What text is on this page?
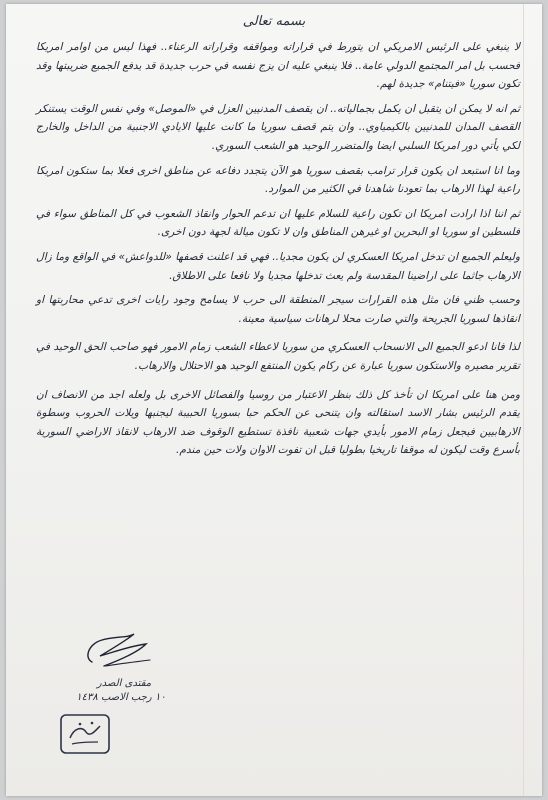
بسمه تعالى

لا ينبغي على الرئيس الامريكي ان يتورط في قراراته ومواقفه وقراراته الرعناء.. فهذا ليس من اوامر امريكا فحسب بل امر المجتمع الدولي عامة.. فلا ينبغي عليه ان يزج نفسه في حرب جديدة قد يدفع الجميع ضريبتها وقد تكون سوريا «فيتنام» جديدة لهم.

ثم انه لا يمكن ان يتقبل ان يكمل بجمالياته.. ان يقصف المدنيين العزل في «الموصل» وفي نفس الوقت يستنكر القصف المدان للمدنيين بالكيمياوي.. وان يتم قصف سوريا ما كانت عليها الايادي الاجنبية من الداخل والخارج لكي يأتي دور امريكا السلبي ايضا والمتضرر الوحيد هو الشعب السوري.

وما انا استبعد ان يكون قرار ترامب بقصف سوريا هو الآن يتجدد دفاعه عن مناطق اخرى فعلا بما ستكون امريكا راعية لهذا الارهاب بما تعودنا شاهدنا في الكثير من الموارد.

ثم اننا اذا ارادت امريكا ان تكون راعية للسلام عليها ان تدعم الحوار وانقاذ الشعوب في كل المناطق سواء في فلسطين او سوريا او البحرين او غيرهن المناطق وان لا تكون ميالة لجهة دون اخرى.

وليعلم الجميع ان تدخل امريكا العسكري لن يكون مجديا.. فهي قد اعلنت قصفها «للدواعش» في الواقع وما زال الارهاب جاثما على اراضينا المقدسة ولم يعث تدخلها مجديا ولا نافعا على الاطلاق.

وحسب ظني فان مثل هذه القرارات سيجر المنطقة الى حرب لا يسامح وجود رايات اخرى تدعي محاربتها او انقاذها لسوريا الجريحة والتي صارت محلا لرهانات سياسية معينة.

لذا فانا ادعو الجميع الى الانسحاب العسكري من سوريا لاعطاء الشعب زمام الامور فهو صاحب الحق الوحيد في تقرير مصيره والاستكون سوريا عبارة عن ركام يكون المنتفع الوحيد هو الاحتلال والارهاب.

ومن هنا على امريكا ان تأخذ كل ذلك بنظر الاعتبار من روسيا والفصائل الاخرى بل ولعله اجد من الانصاف ان يقدم الرئيس بشار الاسد استقالته وان يتنحى عن الحكم حبا بسوريا الحبيبة ليجنبها ويلات الحروب وسطوة الارهابيين فيجعل زمام الامور بأيدي جهات شعبية نافذة تستطيع الوقوف ضد الارهاب لانقاذ الاراضي السورية بأسرع وقت ليكون له موقفا تاريخيا بطوليا قبل ان تفوت الاوان ولات حين مندم.

مقتدى الصدر
١٠ رجب الاصب ١٤٣٨
